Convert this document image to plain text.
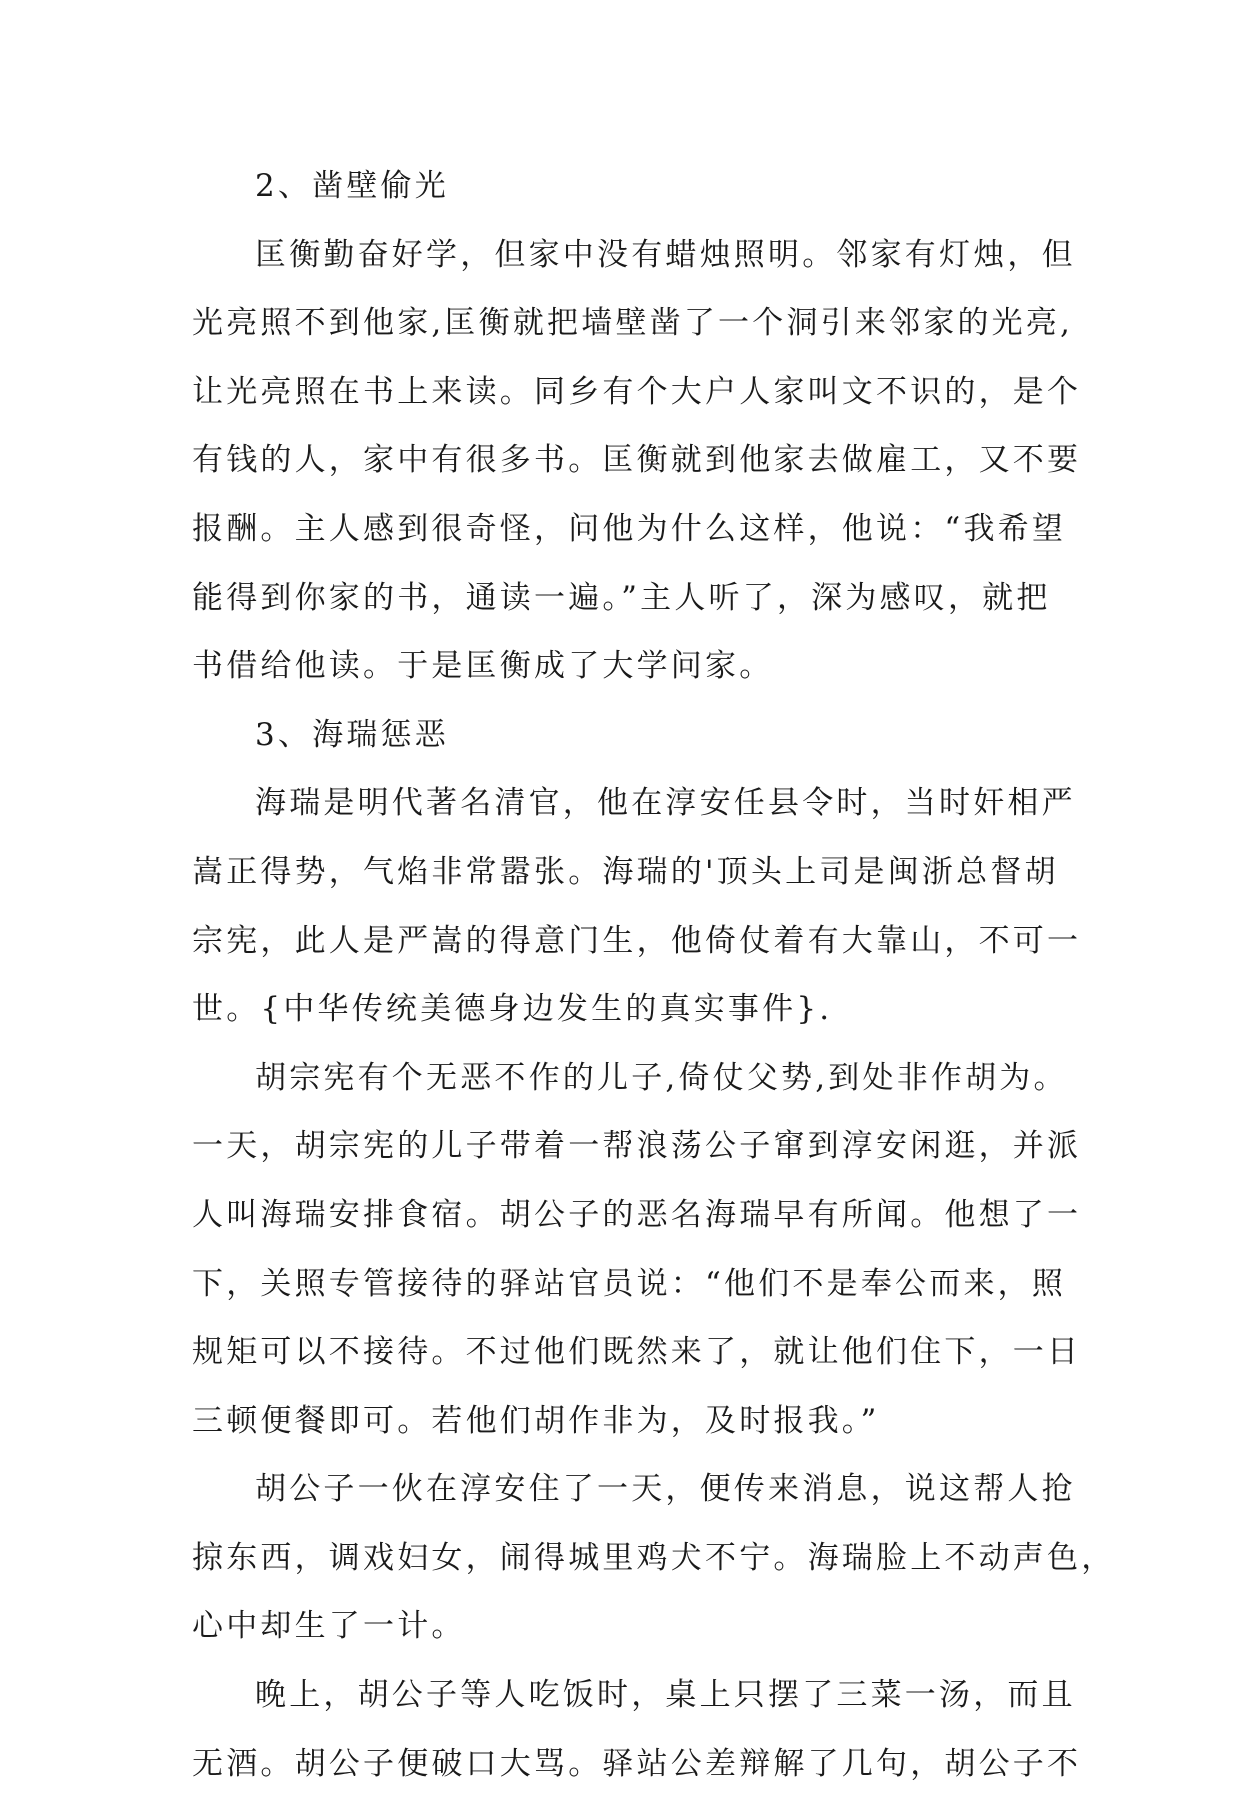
2、凿壁偷光
匡衡勤奋好学，但家中没有蜡烛照明。邻家有灯烛，但
光亮照不到他家,匡衡就把墙壁凿了一个洞引来邻家的光亮,
让光亮照在书上来读。同乡有个大户人家叫文不识的，是个
有钱的人，家中有很多书。匡衡就到他家去做雇工，又不要
报酬。主人感到很奇怪，问他为什么这样，他说：“我希望
能得到你家的书，通读一遍。”主人听了，深为感叹，就把
书借给他读。于是匡衡成了大学问家。
3、海瑞惩恶
海瑞是明代著名清官，他在淳安任县令时，当时奸相严
嵩正得势，气焰非常嚣张。海瑞的'顶头上司是闽浙总督胡
宗宪，此人是严嵩的得意门生，他倚仗着有大靠山，不可一
世。{中华传统美德身边发生的真实事件}.
胡宗宪有个无恶不作的儿子,倚仗父势,到处非作胡为。
一天，胡宗宪的儿子带着一帮浪荡公子窜到淳安闲逛，并派
人叫海瑞安排食宿。胡公子的恶名海瑞早有所闻。他想了一
下，关照专管接待的驿站官员说：“他们不是奉公而来，照
规矩可以不接待。不过他们既然来了，就让他们住下，一日
三顿便餐即可。若他们胡作非为，及时报我。”
胡公子一伙在淳安住了一天，便传来消息，说这帮人抢
掠东西，调戏妇女，闹得城里鸡犬不宁。海瑞脸上不动声色，
心中却生了一计。
晚上，胡公子等人吃饭时，桌上只摆了三菜一汤，而且
无酒。胡公子便破口大骂。驿站公差辩解了几句，胡公子不
